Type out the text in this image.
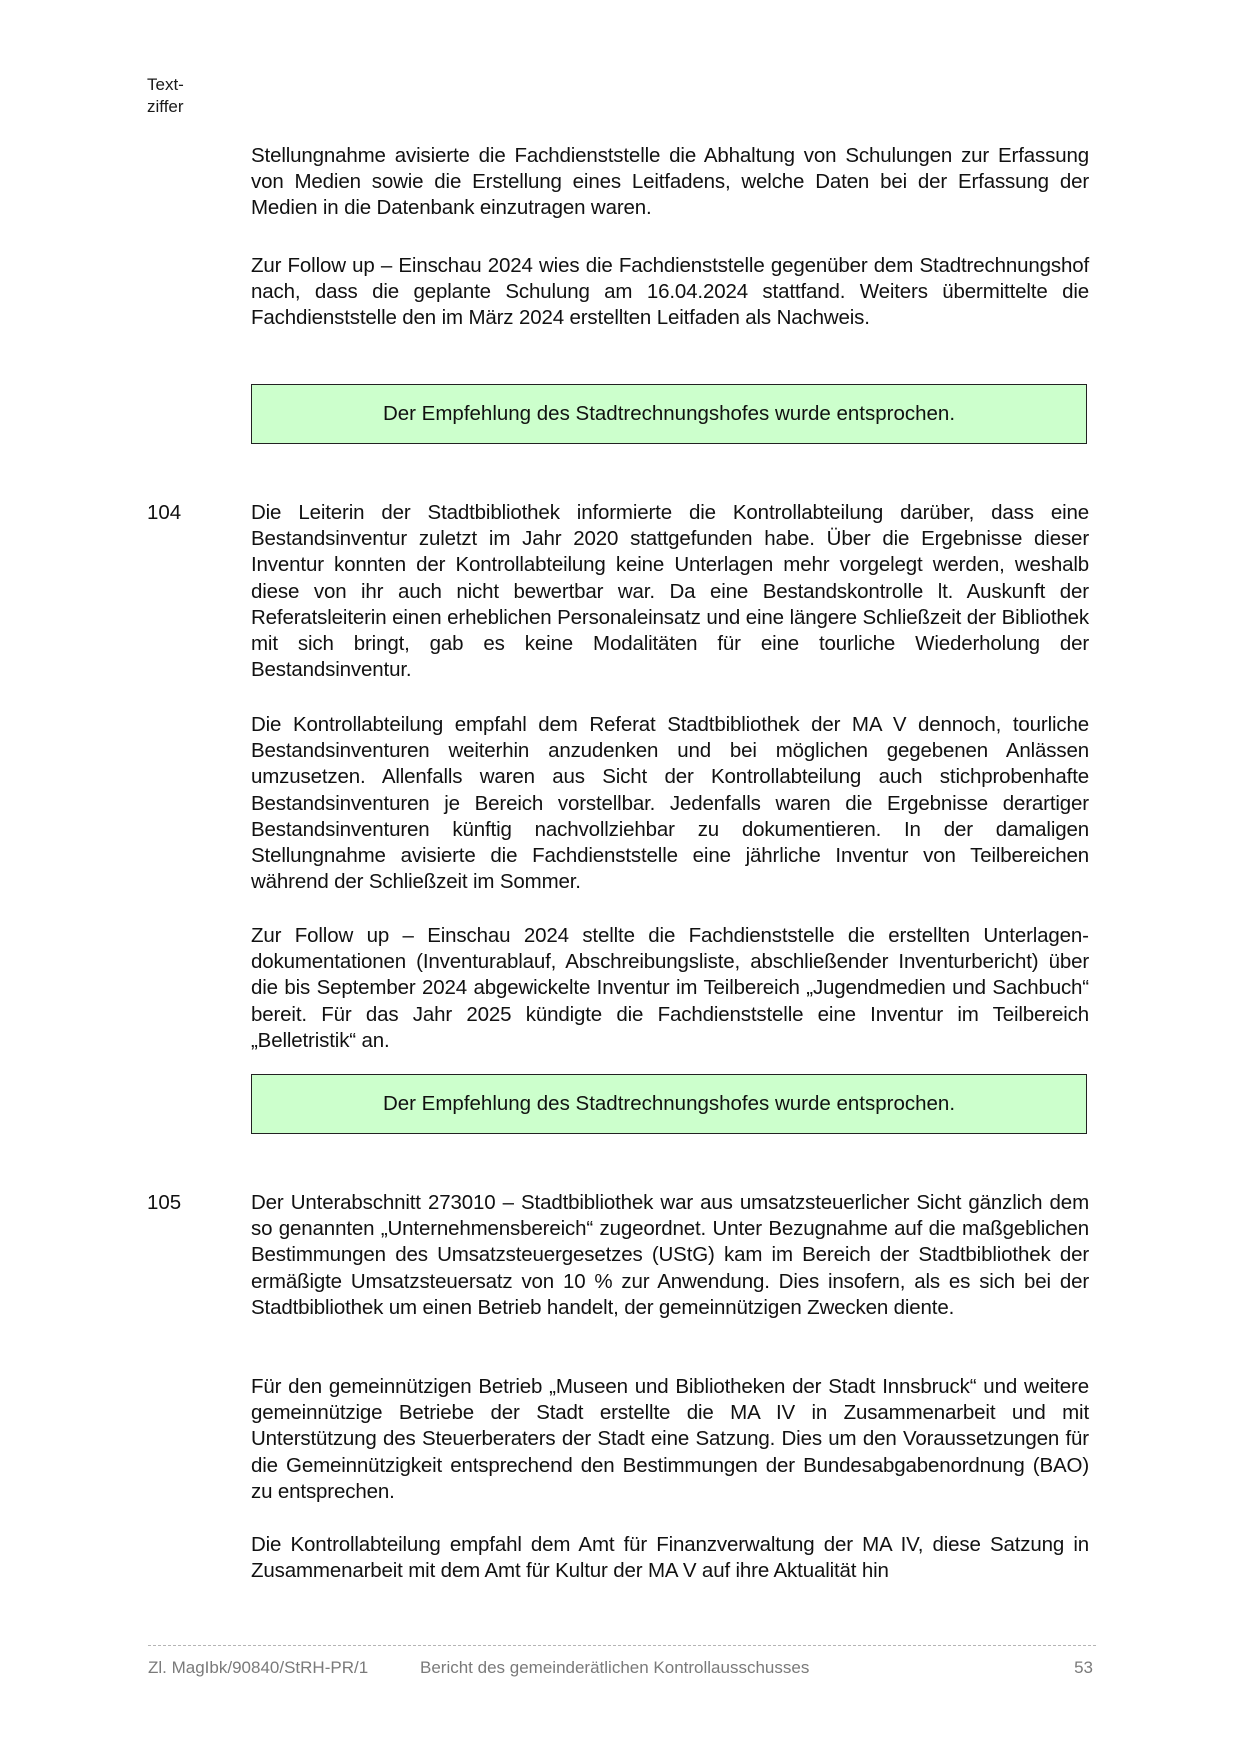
Text-
ziffer

Stellungnahme avisierte die Fachdienststelle die Abhaltung von Schulungen zur Erfassung von Medien sowie die Erstellung eines Leitfadens, welche Daten bei der Erfassung der Medien in die Datenbank einzutragen waren.

Zur Follow up – Einschau 2024 wies die Fachdienststelle gegenüber dem Stadtrechnungshof nach, dass die geplante Schulung am 16.04.2024 stattfand. Weiters übermittelte die Fachdienststelle den im März 2024 erstellten Leitfaden als Nachweis.

Der Empfehlung des Stadtrechnungshofes wurde entsprochen.
104	Die Leiterin der Stadtbibliothek informierte die Kontrollabteilung darüber, dass eine Bestandsinventur zuletzt im Jahr 2020 stattgefunden habe. Über die Ergebnisse dieser Inventur konnten der Kontrollabteilung keine Unterlagen mehr vorgelegt werden, weshalb diese von ihr auch nicht bewertbar war. Da eine Bestandskontrolle lt. Auskunft der Referatsleiterin einen erheblichen Personaleinsatz und eine längere Schließzeit der Bibliothek mit sich bringt, gab es keine Modalitäten für eine tourliche Wiederholung der Bestandsinventur.

Die Kontrollabteilung empfahl dem Referat Stadtbibliothek der MA V dennoch, tourliche Bestandsinventuren weiterhin anzudenken und bei möglichen gegebenen Anlässen umzusetzen. Allenfalls waren aus Sicht der Kontrollabteilung auch stichprobenhafte Bestandsinventuren je Bereich vorstellbar. Jedenfalls waren die Ergebnisse derartiger Bestandsinventuren künftig nachvollziehbar zu dokumentieren. In der damaligen Stellungnahme avisierte die Fachdienststelle eine jährliche Inventur von Teilbereichen während der Schließzeit im Sommer.

Zur Follow up – Einschau 2024 stellte die Fachdienststelle die erstellten Unterlagendokumentationen (Inventurablauf, Abschreibungsliste, abschließender Inventurbericht) über die bis September 2024 abgewickelte Inventur im Teilbereich „Jugendmedien und Sachbuch“ bereit. Für das Jahr 2025 kündigte die Fachdienststelle eine Inventur im Teilbereich „Belletristik“ an.

Der Empfehlung des Stadtrechnungshofes wurde entsprochen.
105	Der Unterabschnitt 273010 – Stadtbibliothek war aus umsatzsteuerlicher Sicht gänzlich dem so genannten „Unternehmensbereich“ zugeordnet. Unter Bezugnahme auf die maßgeblichen Bestimmungen des Umsatzsteuergesetzes (UStG) kam im Bereich der Stadtbibliothek der ermäßigte Umsatzsteuersatz von 10 % zur Anwendung. Dies insofern, als es sich bei der Stadtbibliothek um einen Betrieb handelt, der gemeinnützigen Zwecken diente.

Für den gemeinnützigen Betrieb „Museen und Bibliotheken der Stadt Innsbruck“ und weitere gemeinnützige Betriebe der Stadt erstellte die MA IV in Zusammenarbeit und mit Unterstützung des Steuerberaters der Stadt eine Satzung. Dies um den Voraussetzungen für die Gemeinnützigkeit entsprechend den Bestimmungen der Bundesabgabenordnung (BAO) zu entsprechen.

Die Kontrollabteilung empfahl dem Amt für Finanzverwaltung der MA IV, diese Satzung in Zusammenarbeit mit dem Amt für Kultur der MA V auf ihre Aktualität hin

Zl. MagIbk/90840/StRH-PR/1	Bericht des gemeinderätlichen Kontrollausschusses	53
